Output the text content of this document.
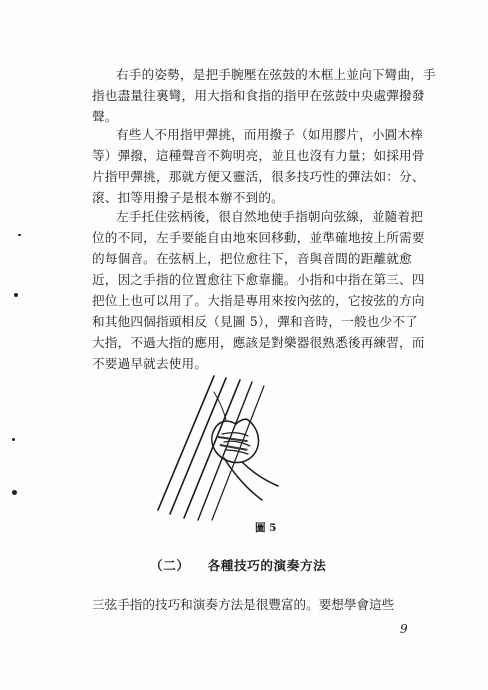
右手的姿勢，是把手腕壓在弦鼓的木框上並向下彎曲，手
指也盡量往裏彎，用大指和食指的指甲在弦鼓中央處彈撥發
聲。

有些人不用指甲彈挑，而用撥子（如用膠片，小圓木棒
等）彈撥，這種聲音不夠明亮，並且也沒有力量；如採用骨
片指甲彈挑，那就方便又靈活，很多技巧性的彈法如：分、
滾、扣等用撥子是根本辦不到的。

左手托住弦柄後，很自然地使手指朝向弦線，並隨着把
位的不同，左手要能自由地來回移動，並準確地按上所需要
的每個音。在弦柄上，把位愈往下，音與音間的距離就愈
近，因之手指的位置愈往下愈靠攏。小指和中指在第三、四
把位上也可以用了。大指是專用來按內弦的，它按弦的方向
和其他四個指頭相反（見圖 5），彈和音時，一般也少不了
大指，不過大指的應用，應該是對樂器很熟悉後再練習，而
不要過早就去使用。

圖 5
（二） 各種技巧的演奏方法
三弦手指的技巧和演奏方法是很豐富的。要想學會這些
9
